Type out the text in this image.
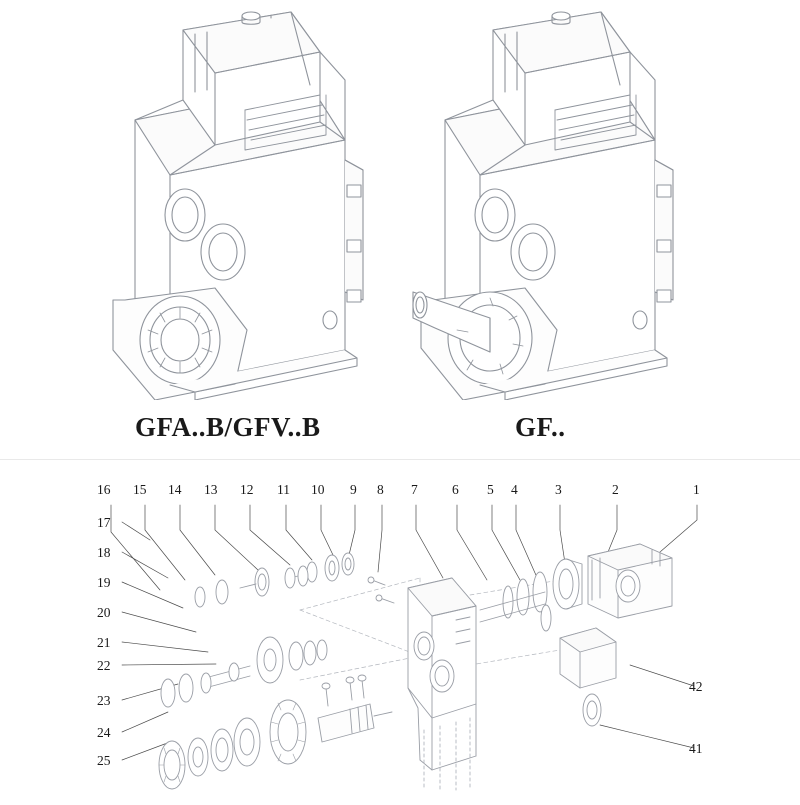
GFA..B/GFV..B	GF..
16 15 14 13 12 11 10 9 8 7	6 5 4	3	2	1
17
18
19
20
21
22
23
24
25
42
41
